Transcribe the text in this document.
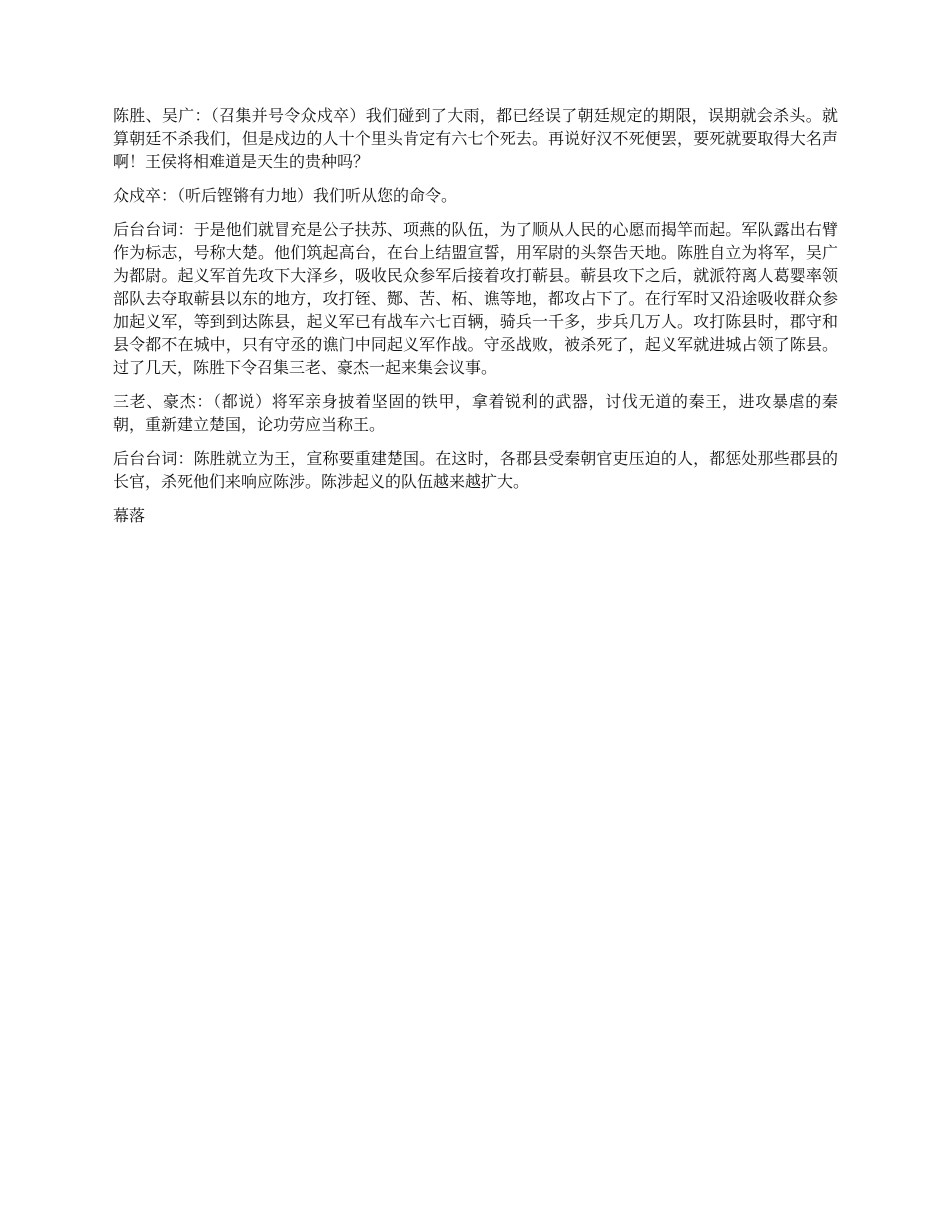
陈胜、吴广：（召集并号令众戍卒）我们碰到了大雨，都已经误了朝廷规定的期限，误期就会杀头。就算朝廷不杀我们，但是戍边的人十个里头肯定有六七个死去。再说好汉不死便罢，要死就要取得大名声啊！王侯将相难道是天生的贵种吗？

众戍卒：（听后铿锵有力地）我们听从您的命令。

后台台词：于是他们就冒充是公子扶苏、项燕的队伍，为了顺从人民的心愿而揭竿而起。军队露出右臂作为标志，号称大楚。他们筑起高台，在台上结盟宣誓，用军尉的头祭告天地。陈胜自立为将军，吴广为都尉。起义军首先攻下大泽乡，吸收民众参军后接着攻打蕲县。蕲县攻下之后，就派符离人葛婴率领部队去夺取蕲县以东的地方，攻打铚、酂、苦、柘、谯等地，都攻占下了。在行军时又沿途吸收群众参加起义军，等到到达陈县，起义军已有战车六七百辆，骑兵一千多，步兵几万人。攻打陈县时，郡守和县令都不在城中，只有守丞的谯门中同起义军作战。守丞战败，被杀死了，起义军就进城占领了陈县。过了几天，陈胜下令召集三老、豪杰一起来集会议事。

三老、豪杰：（都说）将军亲身披着坚固的铁甲，拿着锐利的武器，讨伐无道的秦王，进攻暴虐的秦朝，重新建立楚国，论功劳应当称王。

后台台词：陈胜就立为王，宣称要重建楚国。在这时，各郡县受秦朝官吏压迫的人，都惩处那些郡县的长官，杀死他们来响应陈涉。陈涉起义的队伍越来越扩大。

幕落
